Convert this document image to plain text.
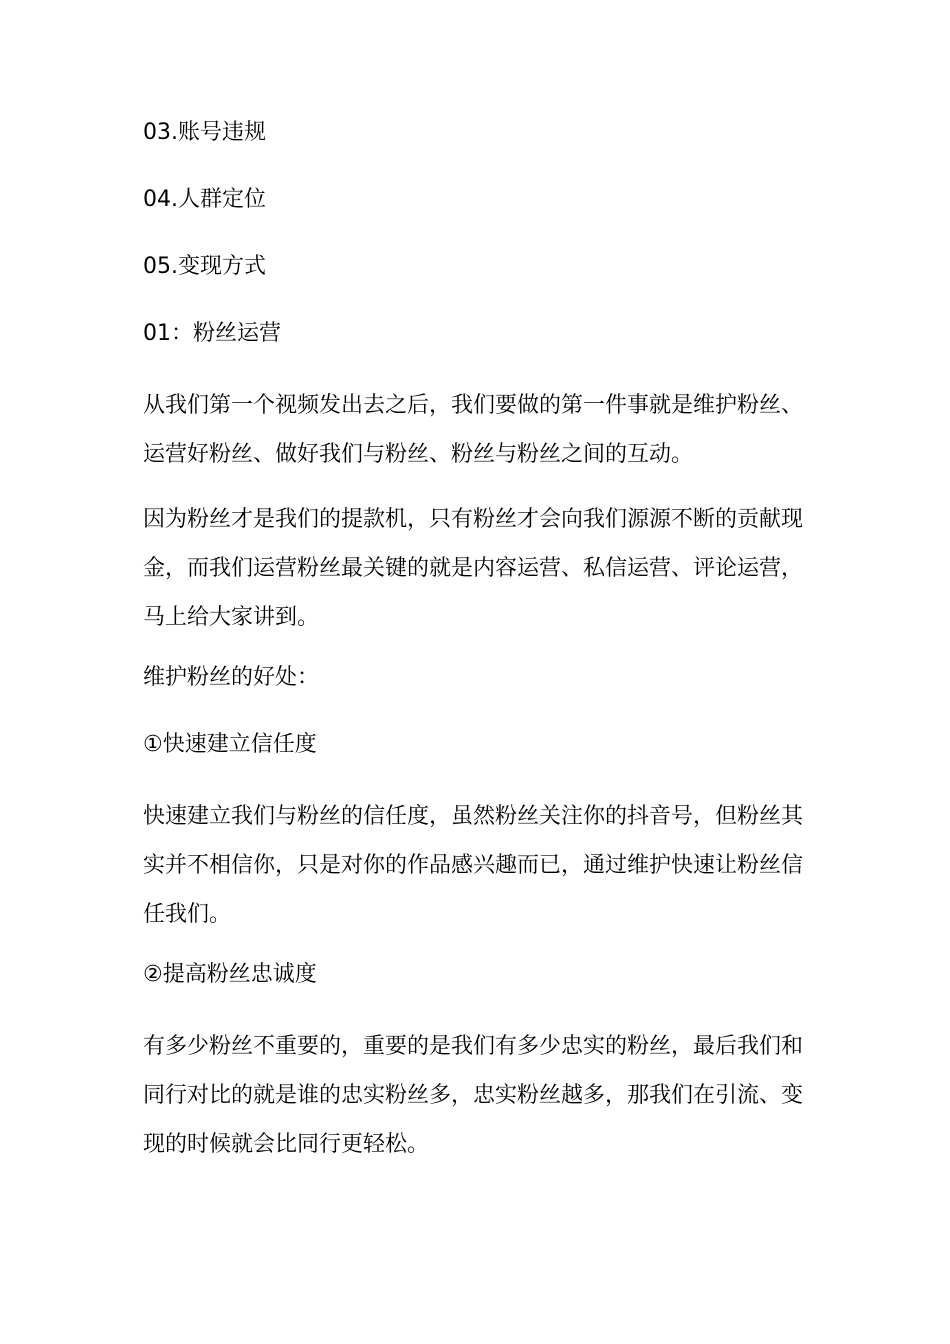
03.账号违规

04.人群定位

05.变现方式

01：粉丝运营

从我们第一个视频发出去之后，我们要做的第一件事就是维护粉丝、
运营好粉丝、做好我们与粉丝、粉丝与粉丝之间的互动。

因为粉丝才是我们的提款机，只有粉丝才会向我们源源不断的贡献现
金，而我们运营粉丝最关键的就是内容运营、私信运营、评论运营，
马上给大家讲到。

维护粉丝的好处：

①快速建立信任度

快速建立我们与粉丝的信任度，虽然粉丝关注你的抖音号，但粉丝其
实并不相信你，只是对你的作品感兴趣而已，通过维护快速让粉丝信
任我们。

②提高粉丝忠诚度

有多少粉丝不重要的，重要的是我们有多少忠实的粉丝，最后我们和
同行对比的就是谁的忠实粉丝多，忠实粉丝越多，那我们在引流、变
现的时候就会比同行更轻松。
